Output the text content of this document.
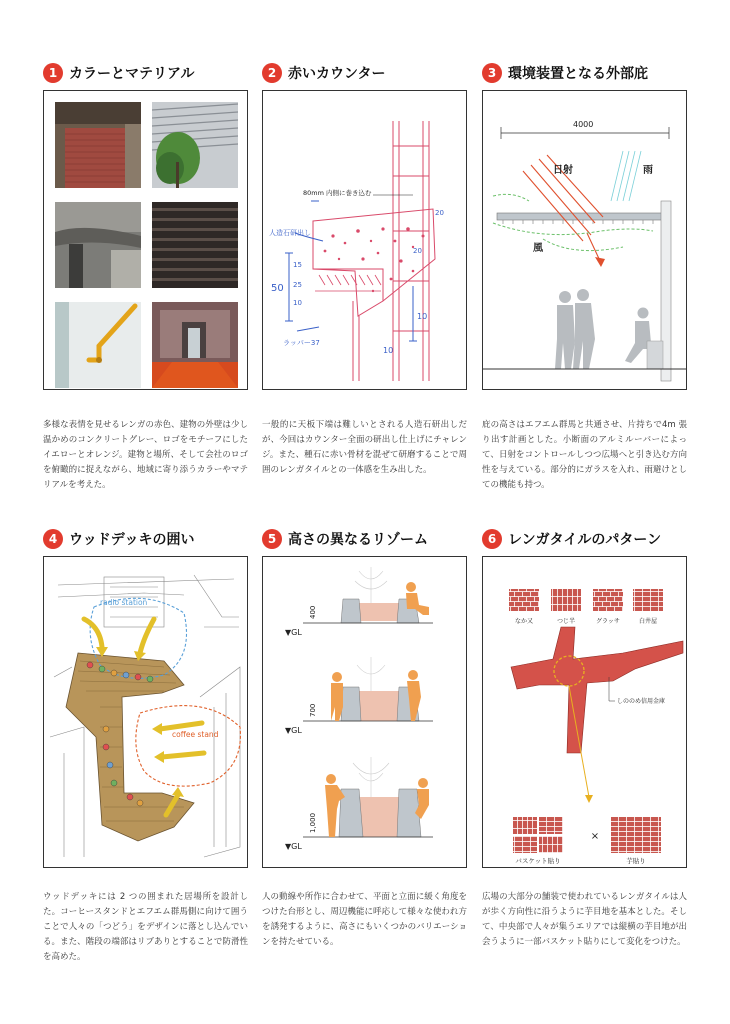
1 カラーとマテリアル

多様な表情を見せるレンガの赤色、建物の外壁は少し温かめのコンクリートグレー、ロゴをモチーフにしたイエローとオレンジ。建物と場所、そして会社のロゴを俯瞰的に捉えながら、地域に寄り添うカラーやマテリアルを考えた。

2 赤いカウンター
80mm 内側に巻き込む
人造石研出し
50
15
25
10
ラッパー37
10
10
20
20

一般的に天板下端は難しいとされる人造石研出しだが、今回はカウンター全面の研出し仕上げにチャレンジ。また、種石に赤い骨材を混ぜて研磨することで周囲のレンガタイルとの一体感を生み出した。

3 環境装置となる外部庇
4000
日射	雨
風

庇の高さはエフエム群馬と共通させ、片持ちで4m 張り出す計画とした。小断面のアルミルーバーによって、日射をコントロールしつつ広場へと引き込む方向性を与えている。部分的にガラスを入れ、雨避けとしての機能も持つ。

4 ウッドデッキの囲い
radio station
coffee stand

ウッドデッキには 2 つの囲まれた居場所を設計した。コーヒースタンドとエフエム群馬側に向けて囲うことで人々の「つどう」をデザインに落とし込んでいる。また、階段の端部はリブありとすることで防滑性を高めた。

5 高さの異なるリゾーム
▼GL
400
▼GL
700
▼GL
1,000

人の動線や所作に合わせて、平面と立面に緩く角度をつけた台形とし、周辺機能に呼応して様々な使われ方を誘発するように、高さにもいくつかのバリエーションを持たせている。

6 レンガタイルのパターン
なか又	つじ半	グラッサ	白井屋
しののめ信用金庫
×
バスケット貼り	芋貼り

広場の大部分の舗装で使われているレンガタイルは人が歩く方向性に沿うように芋目地を基本とした。そして、中央部で人々が集うエリアでは縦横の芋目地が出会うように一部バスケット貼りにして変化をつけた。
